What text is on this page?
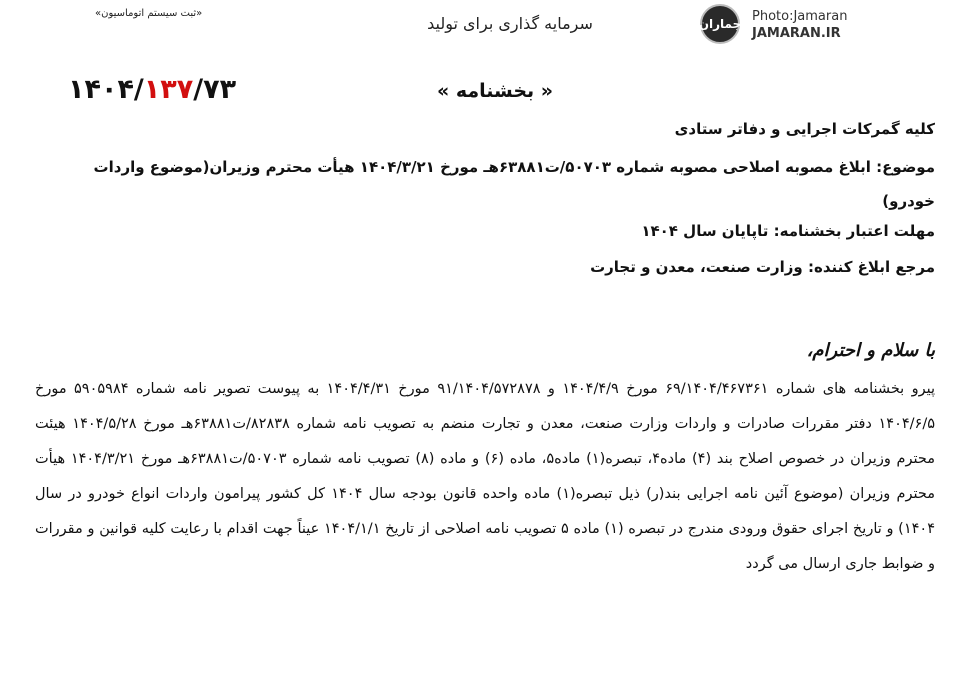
«ثبت سیستم اتوماسیون»
سرمایه گذاری برای تولید	جماران Photo:Jamaran
JAMARAN.IR
۱۴۰۴/۱۳۷/۷۳	« بخشنامه »
کلیه گمرکات اجرایی و دفاتر ستادی
موضوع: ابلاغ مصوبه اصلاحی مصوبه شماره ۵۰۷۰۳/ت۶۳۸۸۱هـ مورخ ۱۴۰۴/۳/۲۱ هیأت محترم وزیران(موضوع واردات خودرو)
مهلت اعتبار بخشنامه: تاپایان سال ۱۴۰۴
مرجع ابلاغ کننده: وزارت صنعت، معدن و تجارت
با سلام و احترام،
پیرو بخشنامه های شماره ۶۹/۱۴۰۴/۴۶۷۳۶۱ مورخ ۱۴۰۴/۴/۹ و ۹۱/۱۴۰۴/۵۷۲۸۷۸ مورخ ۱۴۰۴/۴/۳۱ به پیوست تصویر نامه شماره ۵۹۰۵۹۸۴ مورخ ۱۴۰۴/۶/۵ دفتر مقررات صادرات و واردات وزارت صنعت، معدن و تجارت منضم به تصویب نامه شماره ۸۲۸۳۸/ت۶۳۸۸۱هـ مورخ ۱۴۰۴/۵/۲۸ هیئت محترم وزیران در خصوص اصلاح بند (۴) ماده۴، تبصره(۱) ماده۵، ماده (۶) و ماده (۸) تصویب نامه شماره ۵۰۷۰۳/ت۶۳۸۸۱هـ مورخ ۱۴۰۴/۳/۲۱ هیأت محترم وزیران (موضوع آئین نامه اجرایی بند(ر) ذیل تبصره(۱) ماده واحده قانون بودجه سال ۱۴۰۴ کل کشور پیرامون واردات انواع خودرو در سال ۱۴۰۴) و تاریخ اجرای حقوق ورودی مندرج در تبصره (۱) ماده ۵ تصویب نامه اصلاحی از تاریخ ۱۴۰۴/۱/۱ عیناً جهت اقدام با رعایت کلیه قوانین و مقررات و ضوابط جاری ارسال می گردد
